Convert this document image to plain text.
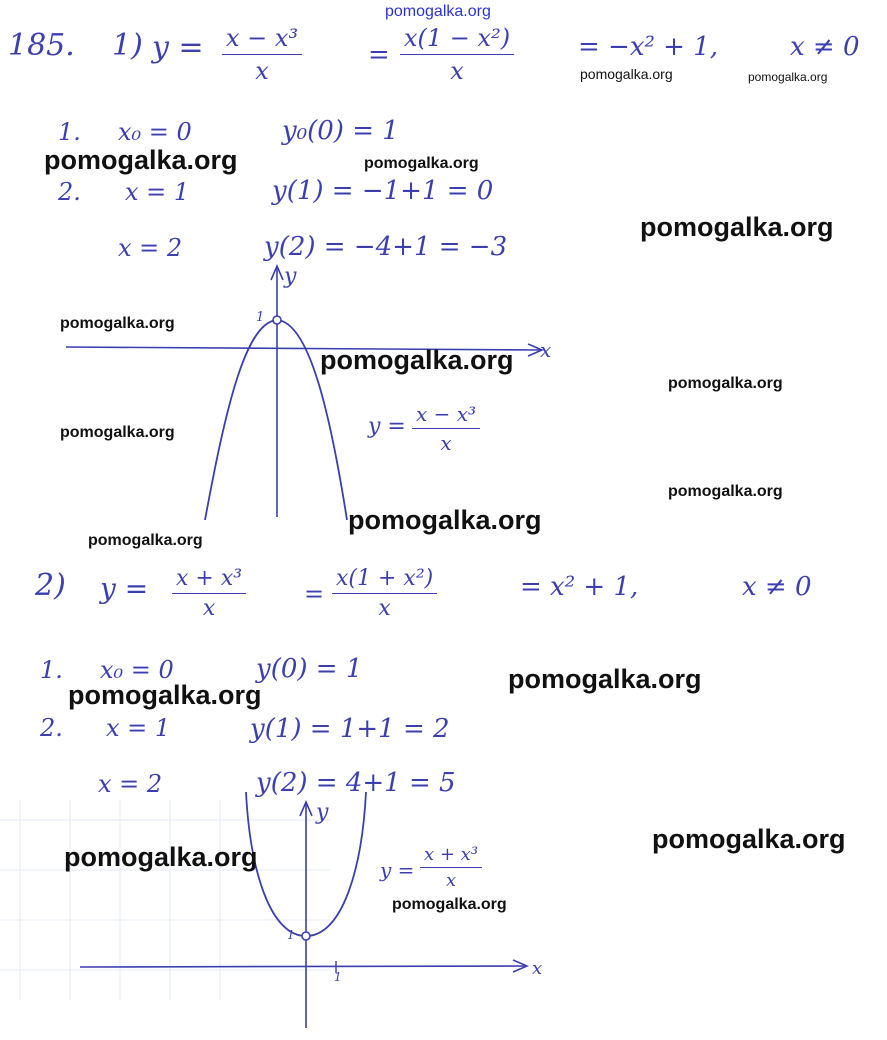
pomogalka.org
185. 1) $y = \frac{\text{x − x³}}{x}$	= $\frac{\text{x(1 − x²)}}{x} = -x^2 + 1$,	x ≠ 0
pomogalka.org	pomogalka.org
1. x₀ = 0	y₀(0) = 1
pomogalka.org	pomogalka.org
2. x = 1	y(1) = −1+1 = 0
pomogalka.org
x = 2	y(2) = −4+1 = −3
x
y
1
pomogalka.org
pomogalka.org
pomogalka.org
pomogalka.org
pomogalka.org
pomogalka.org
pomogalka.org
$y = \frac{\text{x − x³}}{x}$
2) $y = \frac{\text{x + x³}}{x} = \frac{\text{x(1 + x²)}}{x}$	= x² + 1,	x ≠ 0
1. x₀ = 0	y(0) = 1	pomogalka.org
pomogalka.org
2. x = 1	y(1) = 1+1 = 2
x = 2	y(2) = 4+1 = 5
x
y
1
1
$y = \frac{\text{x + x³}}{x}$
pomogalka.org
pomogalka.org
pomogalka.org
